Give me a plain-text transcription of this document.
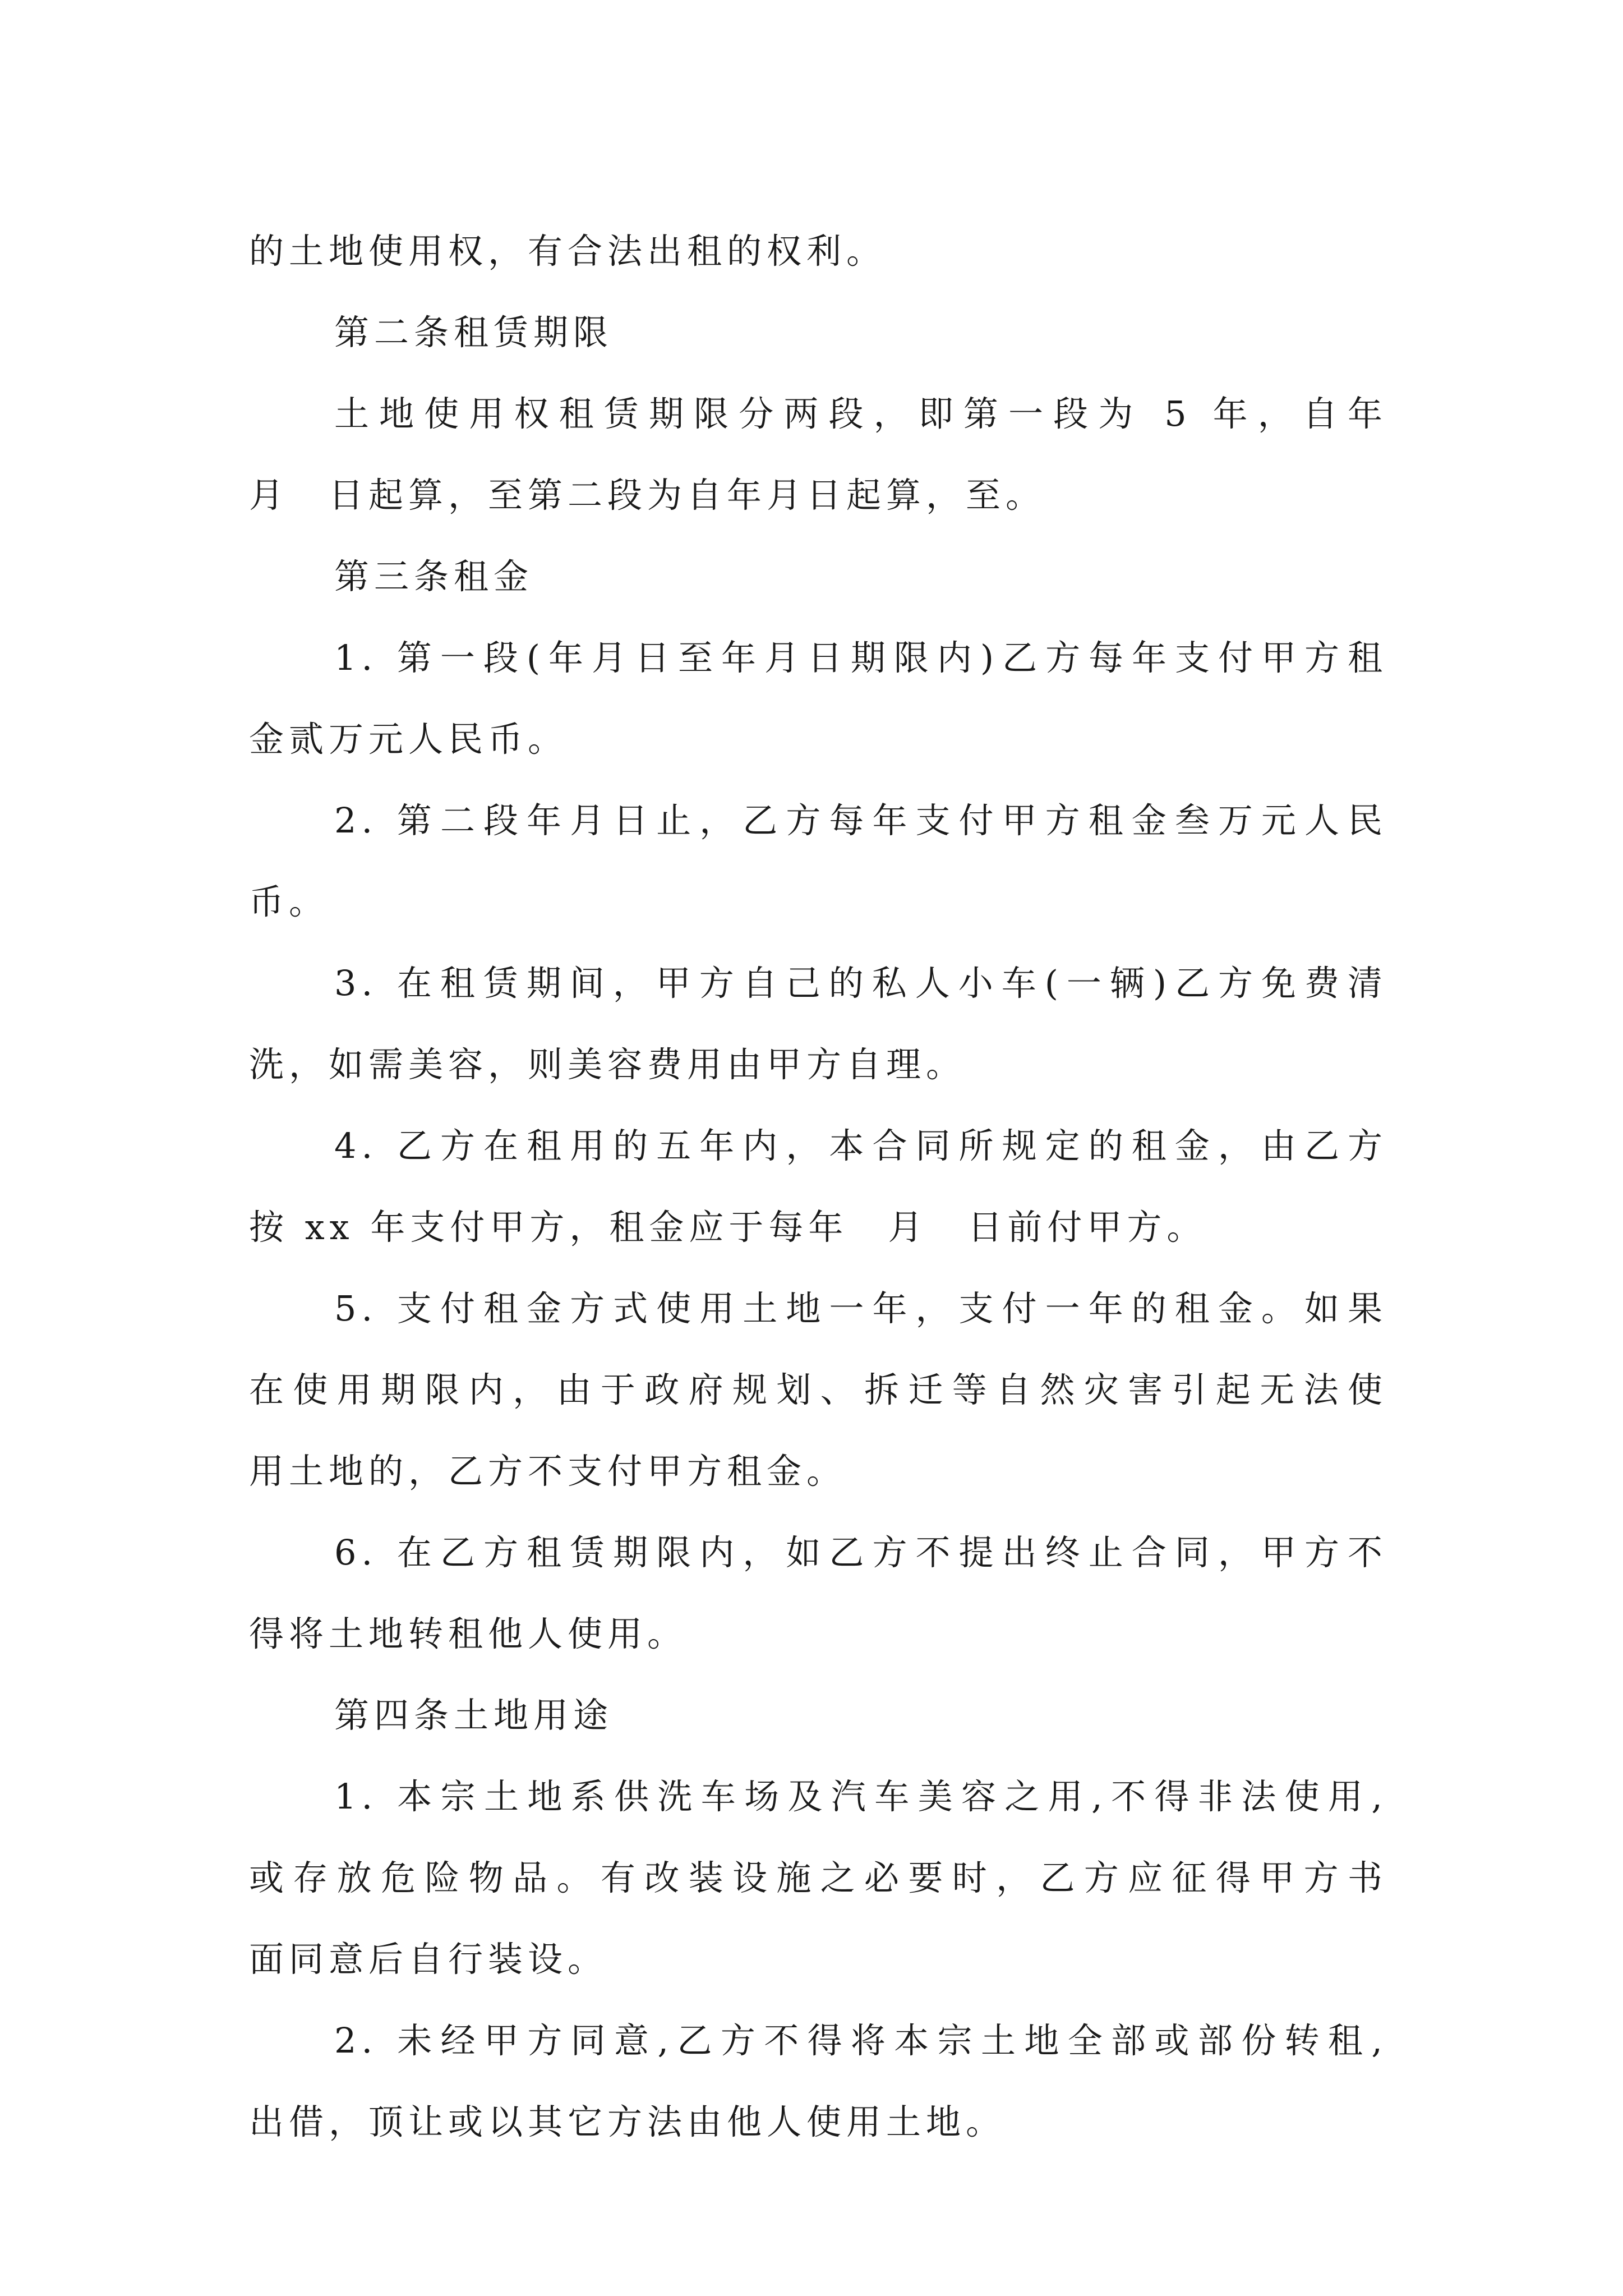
的土地使用权，有合法出租的权利。
第二条租赁期限
土地使用权租赁期限分两段，即第一段为 5 年，自年
月　日起算，至第二段为自年月日起算，至。
第三条租金
1. 第一段(年月日至年月日期限内)乙方每年支付甲方租
金贰万元人民币。
2. 第二段年月日止，乙方每年支付甲方租金叁万元人民
币。
3. 在租赁期间，甲方自己的私人小车(一辆)乙方免费清
洗，如需美容，则美容费用由甲方自理。
4. 乙方在租用的五年内，本合同所规定的租金，由乙方
按 xx 年支付甲方，租金应于每年　月　日前付甲方。
5. 支付租金方式使用土地一年，支付一年的租金。如果
在使用期限内，由于政府规划、拆迁等自然灾害引起无法使
用土地的，乙方不支付甲方租金。
6. 在乙方租赁期限内，如乙方不提出终止合同，甲方不
得将土地转租他人使用。
第四条土地用途
1. 本宗土地系供洗车场及汽车美容之用,不得非法使用,
或存放危险物品。有改装设施之必要时，乙方应征得甲方书
面同意后自行装设。
2. 未经甲方同意,乙方不得将本宗土地全部或部份转租,
出借，顶让或以其它方法由他人使用土地。
